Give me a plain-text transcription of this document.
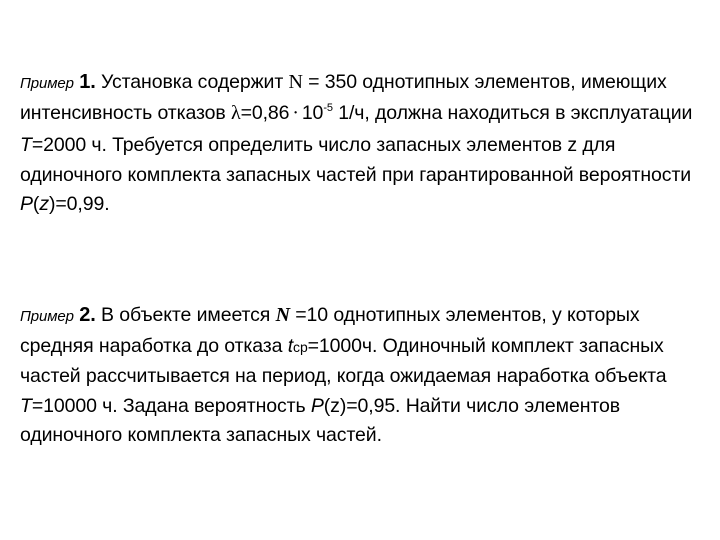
Пример 1. Установка содержит N = 350 однотипных элементов, имеющих интенсивность отказов $\lambda=0,86 \cdot 10^{-5}$ 1/ч, должна находиться в эксплуатации T=2000 ч. Требуется определить число запасных элементов z для одиночного комплекта запасных частей при гарантированной вероятности P(z)=0,99.
Пример 2. В объекте имеется N =10 однотипных элементов, у которых средняя наработка до отказа tср=1000ч. Одиночный комплект запасных частей рассчитывается на период, когда ожидаемая наработка объекта T=10000 ч. Задана вероятность P(z)=0,95. Найти число элементов одиночного комплекта запасных частей.
